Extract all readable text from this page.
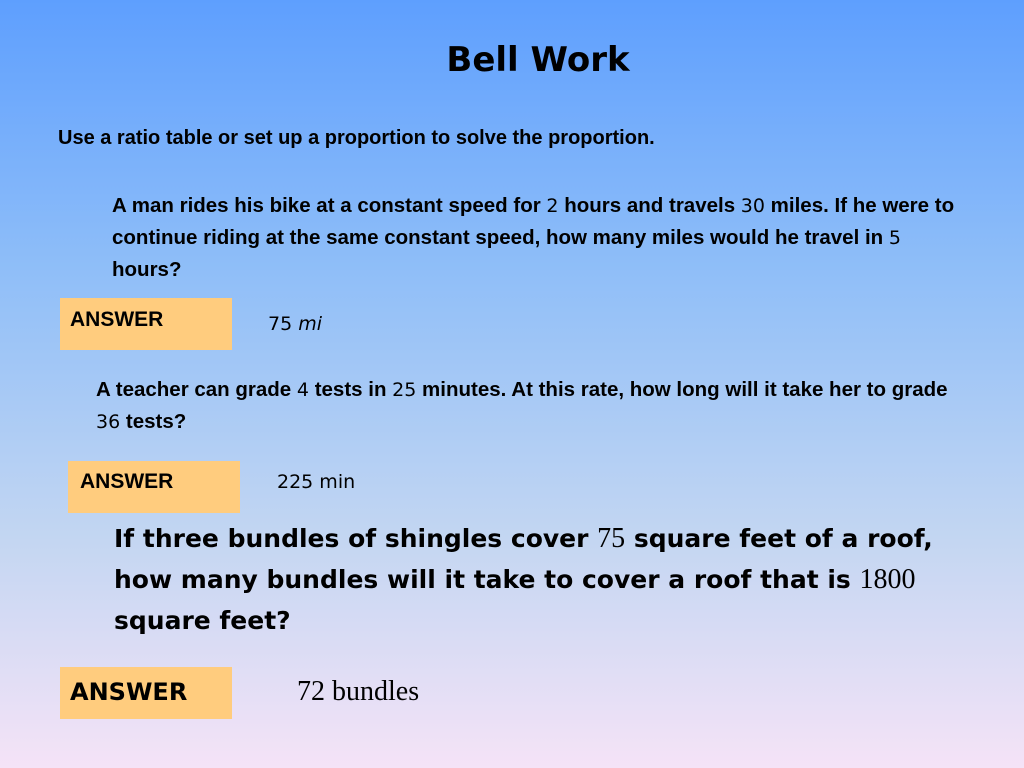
Bell Work
Use a ratio table or set up a proportion to solve the proportion.
A man rides his bike at a constant speed for 2 hours and travels 30 miles. If he were to continue riding at the same constant speed, how many miles would he travel in 5 hours?
ANSWER	75 mi
A teacher can grade 4 tests in 25 minutes. At this rate, how long will it take her to grade 36 tests?
ANSWER	225 min
If three bundles of shingles cover 75 square feet of a roof, how many bundles will it take to cover a roof that is 1800 square feet?
ANSWER	72 bundles
